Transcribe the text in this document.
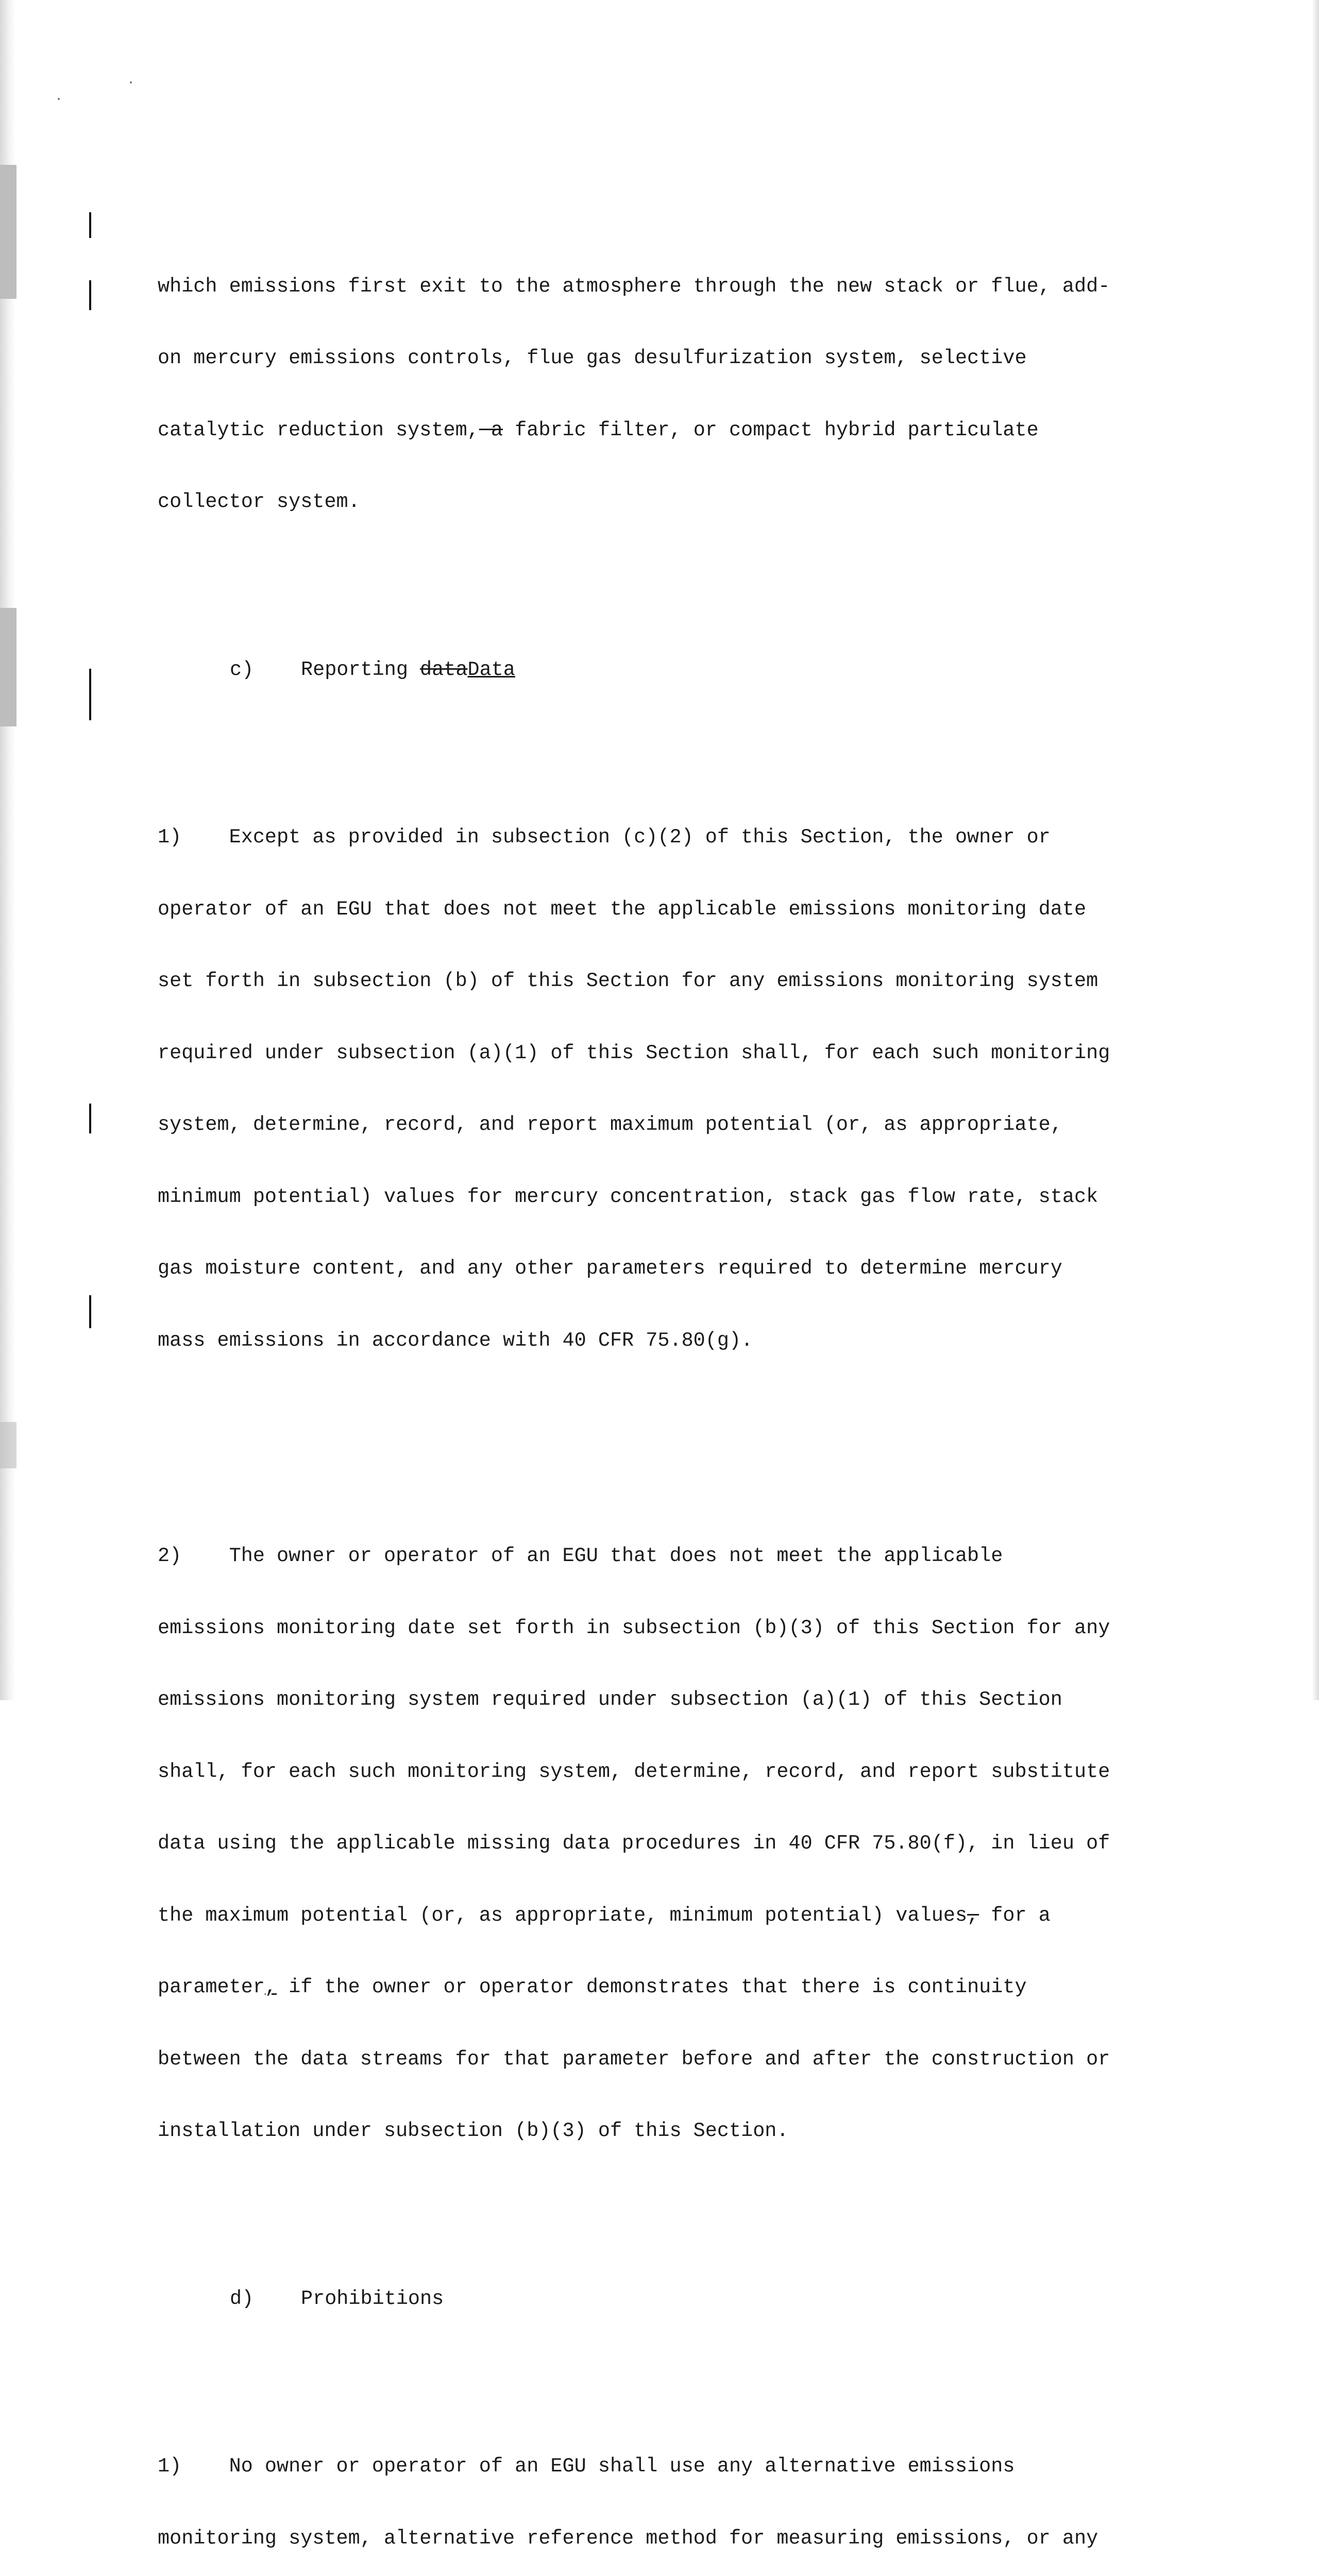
which emissions first exit to the atmosphere through the new stack or flue, add-

on mercury emissions controls, flue gas desulfurization system, selective

catalytic reduction system, a fabric filter, or compact hybrid particulate

collector system.

c) Reporting dataData

1)    Except as provided in subsection (c)(2) of this Section, the owner or

operator of an EGU that does not meet the applicable emissions monitoring date

set forth in subsection (b) of this Section for any emissions monitoring system

required under subsection (a)(1) of this Section shall, for each such monitoring

system, determine, record, and report maximum potential (or, as appropriate,

minimum potential) values for mercury concentration, stack gas flow rate, stack

gas moisture content, and any other parameters required to determine mercury

mass emissions in accordance with 40 CFR 75.80(g).

2)    The owner or operator of an EGU that does not meet the applicable

emissions monitoring date set forth in subsection (b)(3) of this Section for any

emissions monitoring system required under subsection (a)(1) of this Section

shall, for each such monitoring system, determine, record, and report substitute

data using the applicable missing data procedures in 40 CFR 75.80(f), in lieu of

the maximum potential (or, as appropriate, minimum potential) values, for a

parameter, if the owner or operator demonstrates that there is continuity

between the data streams for that parameter before and after the construction or

installation under subsection (b)(3) of this Section.

d) Prohibitions

1)    No owner or operator of an EGU shall use any alternative emissions

monitoring system, alternative reference method for measuring emissions, or any
